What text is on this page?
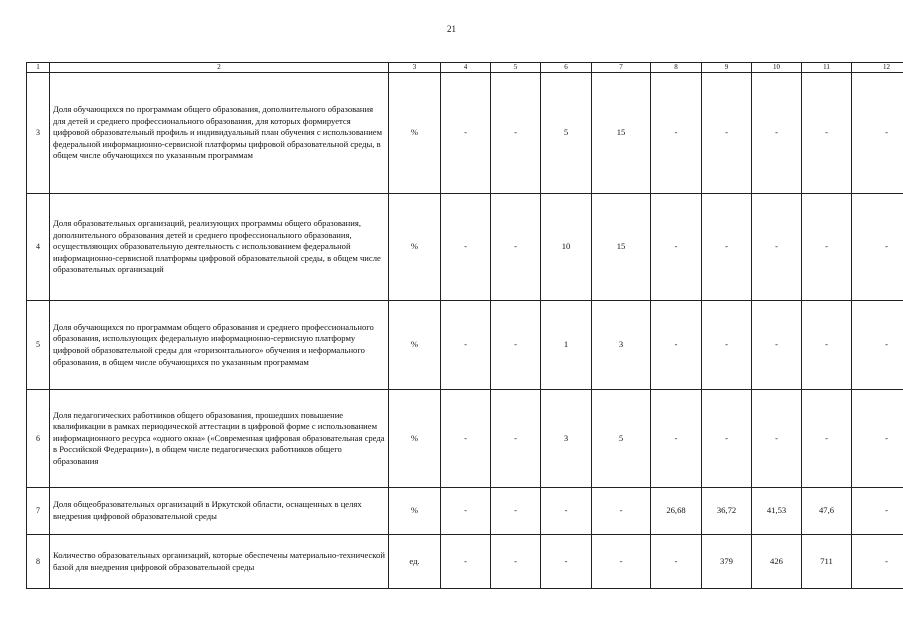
21
1	2	3	4	5	6	7	8	9	10	11	12
3	Доля обучающихся по программам общего образования, дополнительного образования для детей и среднего профессионального образования, для которых формируется цифровой образовательный профиль и индивидуальный план обучения с использованием федеральной информационно-сервисной платформы цифровой образовательной среды, в общем числе обучающихся по указанным программам	%	-	-	5	15	-	-	-	-	-
4	Доля образовательных организаций, реализующих программы общего образования, дополнительного образования детей и среднего профессионального образования, осуществляющих образовательную деятельность с использованием федеральной информационно-сервисной платформы цифровой образовательной среды, в общем числе образовательных организаций	%	-	-	10	15	-	-	-	-	-
5	Доля обучающихся по программам общего образования и среднего профессионального образования, использующих федеральную информационно-сервисную платформу цифровой образовательной среды для «горизонтального» обучения и неформального образования, в общем числе обучающихся по указанным программам	%	-	-	1	3	-	-	-	-	-
6	Доля педагогических работников общего образования, прошедших повышение квалификации в рамках периодической аттестации в цифровой форме с использованием информационного ресурса «одного окна» («Современная цифровая образовательная среда в Российской Федерации»), в общем числе педагогических работников общего образования	%	-	-	3	5	-	-	-	-	-
7	Доля общеобразовательных организаций в Иркутской области, оснащенных в целях внедрения цифровой образовательной среды	%	-	-	-	-	26,68	36,72	41,53	47,6	-
8	Количество образовательных организаций, которые обеспечены материально-технической базой для внедрения цифровой образовательной среды	ед.	-	-	-	-	-	379	426	711	-
